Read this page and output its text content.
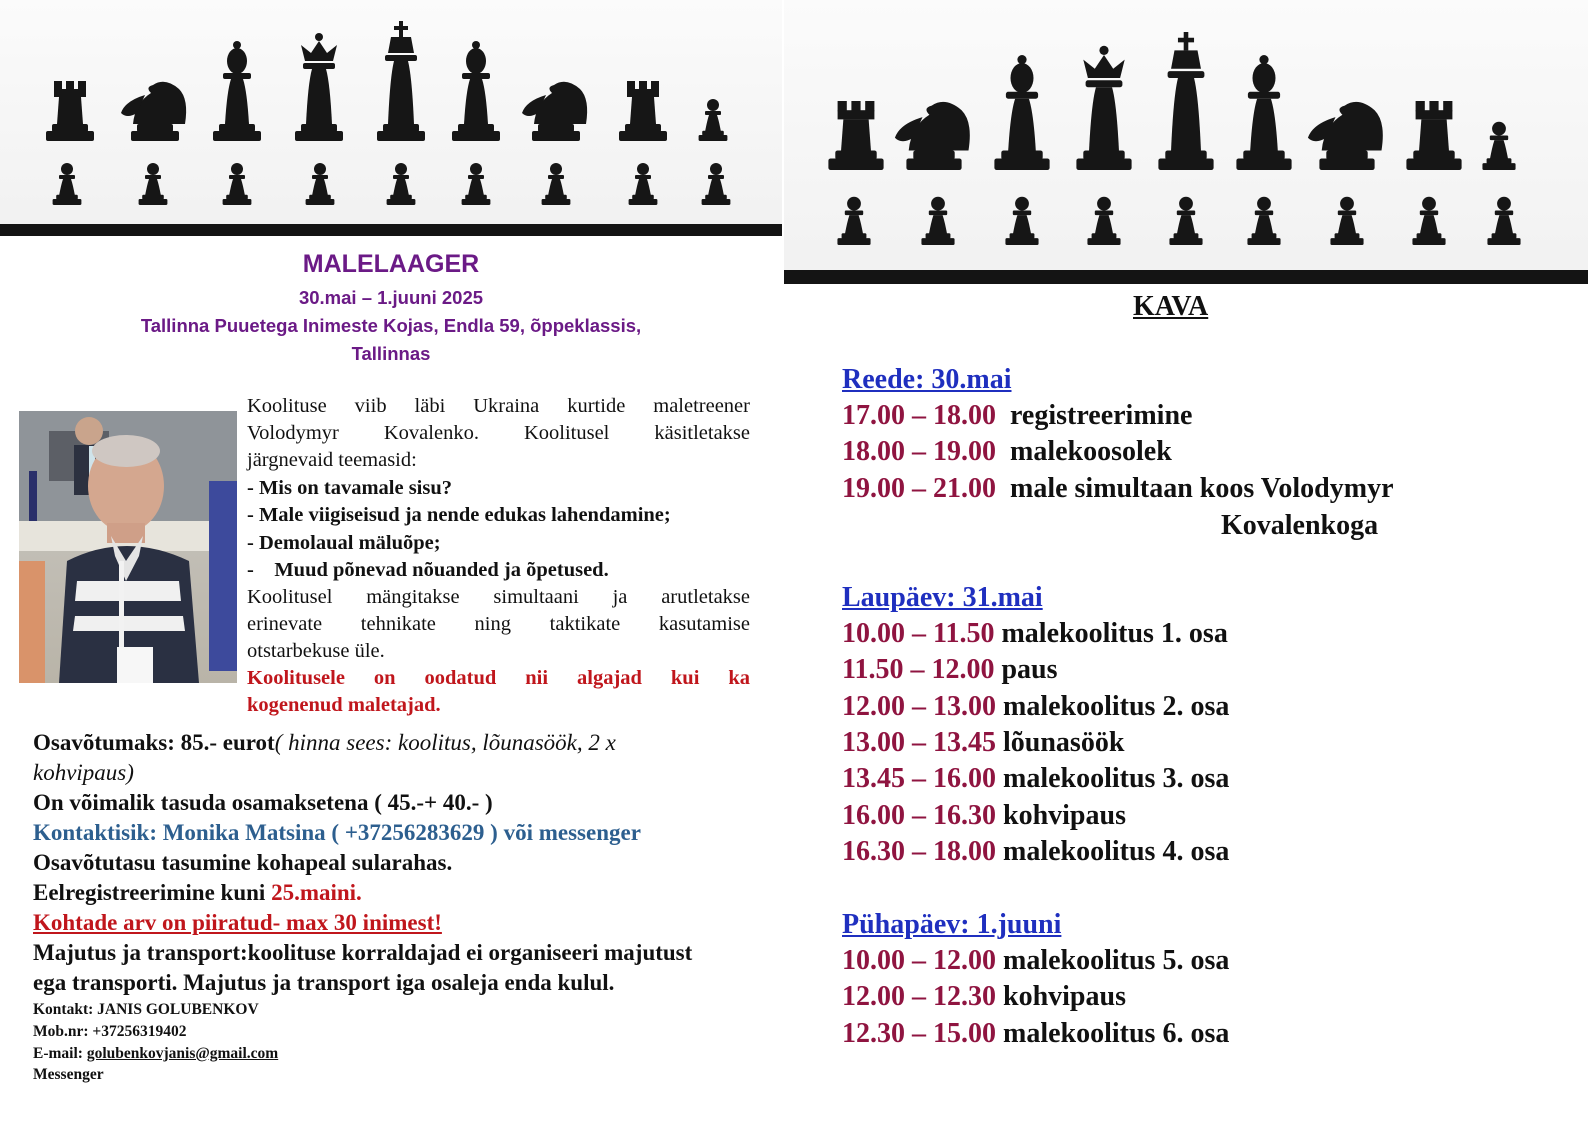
MALELAAGER
30.mai – 1.juuni 2025
Tallinna Puuetega Inimeste Kojas, Endla 59, õppeklassis,
Tallinnas
Koolituse viib läbi Ukraina kurtide maletreener
Volodymyr Kovalenko. Koolitusel käsitletakse
järgnevaid teemasid:
- Mis on tavamale sisu?
- Male viigiseisud ja nende edukas lahendamine;
- Demolaual mäluõpe;
-    Muud põnevad nõuanded ja õpetused.
Koolitusel mängitakse simultaani ja arutletakse
erinevate tehnikate ning taktikate kasutamise
otstarbekuse üle.
Koolitusele on oodatud nii algajad kui ka
kogenenud maletajad.
Osavõtumaks: 85.- eurot( hinna sees: koolitus, lõunasöök, 2 x
kohvipaus)
On võimalik tasuda osamaksetena ( 45.-+ 40.- )
Kontaktisik: Monika Matsina ( +37256283629 ) või messenger
Osavõtutasu tasumine kohapeal sularahas.
Eelregistreerimine kuni 25.maini.
Kohtade arv on piiratud- max 30 inimest!
Majutus ja transport:koolituse korraldajad ei organiseeri majutust
ega transporti. Majutus ja transport iga osaleja enda kulul.
Kontakt: JANIS GOLUBENKOV
Mob.nr: +37256319402
E-mail: golubenkovjanis@gmail.com
Messenger
KAVA
Reede: 30.mai
17.00 – 18.00  registreerimine
18.00 – 19.00  malekoosolek
19.00 – 21.00  male simultaan koos Volodymyr
Kovalenkoga
Laupäev: 31.mai
10.00 – 11.50 malekoolitus 1. osa
11.50 – 12.00 paus
12.00 – 13.00 malekoolitus 2. osa
13.00 – 13.45 lõunasöök
13.45 – 16.00 malekoolitus 3. osa
16.00 – 16.30 kohvipaus
16.30 – 18.00 malekoolitus 4. osa
Pühapäev: 1.juuni
10.00 – 12.00 malekoolitus 5. osa
12.00 – 12.30 kohvipaus
12.30 – 15.00 malekoolitus 6. osa
